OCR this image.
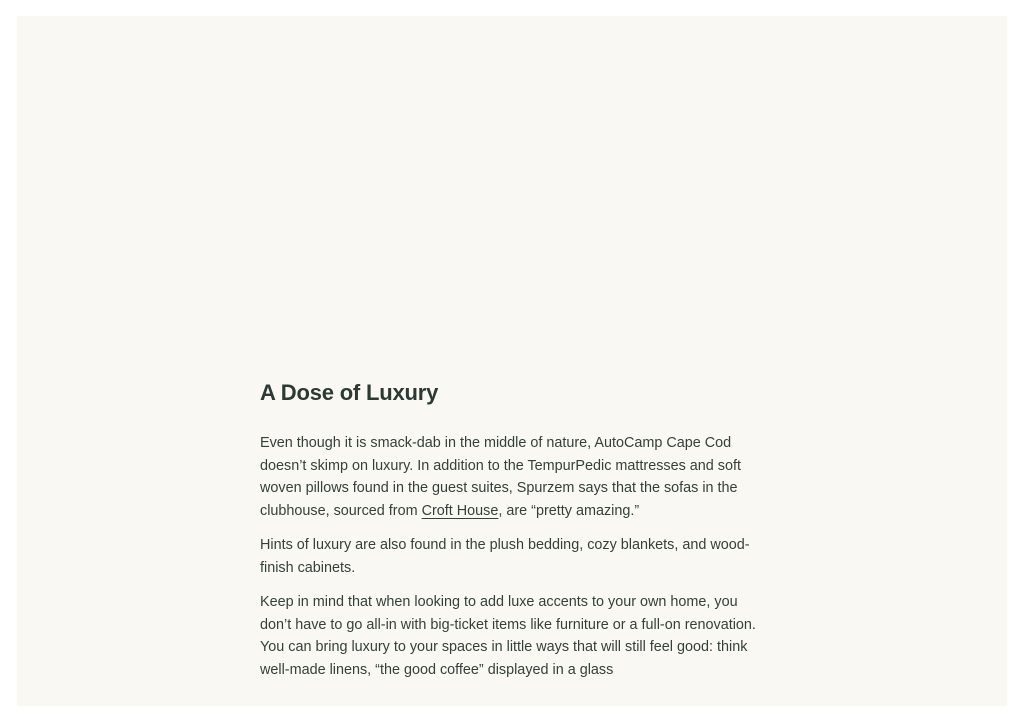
A Dose of Luxury

Even though it is smack-dab in the middle of nature, AutoCamp Cape Cod doesn’t skimp on luxury. In addition to the TempurPedic mattresses and soft woven pillows found in the guest suites, Spurzem says that the sofas in the clubhouse, sourced from Croft House, are “pretty amazing.”

Hints of luxury are also found in the plush bedding, cozy blankets, and wood-finish cabinets.

Keep in mind that when looking to add luxe accents to your own home, you don’t have to go all-in with big-ticket items like furniture or a full-on renovation. You can bring luxury to your spaces in little ways that will still feel good: think well-made linens, “the good coffee” displayed in a glass
